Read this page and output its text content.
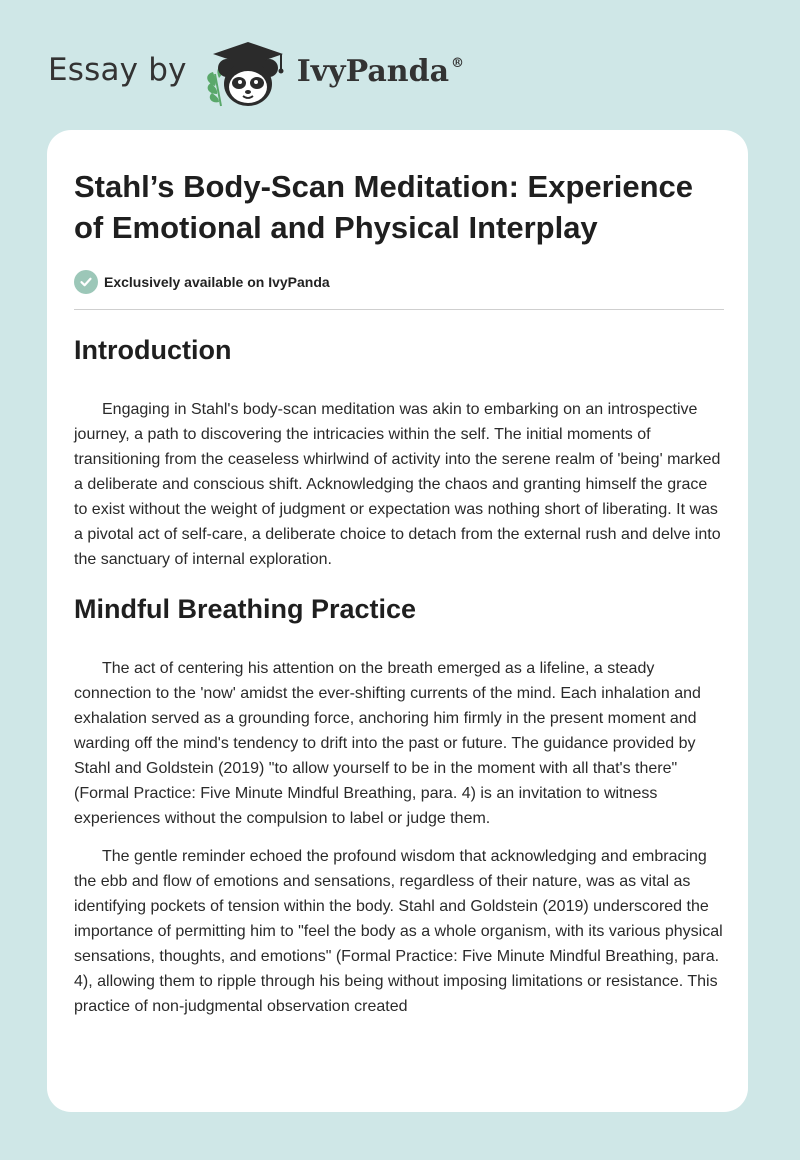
Essay by	IvyPanda ®
Stahl’s Body-Scan Meditation: Experience of Emotional and Physical Interplay
Exclusively available on IvyPanda
Introduction

Engaging in Stahl's body-scan meditation was akin to embarking on an introspective journey, a path to discovering the intricacies within the self. The initial moments of transitioning from the ceaseless whirlwind of activity into the serene realm of 'being' marked a deliberate and conscious shift. Acknowledging the chaos and granting himself the grace to exist without the weight of judgment or expectation was nothing short of liberating. It was a pivotal act of self-care, a deliberate choice to detach from the external rush and delve into the sanctuary of internal exploration.

Mindful Breathing Practice

The act of centering his attention on the breath emerged as a lifeline, a steady connection to the 'now' amidst the ever-shifting currents of the mind. Each inhalation and exhalation served as a grounding force, anchoring him firmly in the present moment and warding off the mind's tendency to drift into the past or future. The guidance provided by Stahl and Goldstein (2019) "to allow yourself to be in the moment with all that's there" (Formal Practice: Five Minute Mindful Breathing, para. 4) is an invitation to witness experiences without the compulsion to label or judge them.

The gentle reminder echoed the profound wisdom that acknowledging and embracing the ebb and flow of emotions and sensations, regardless of their nature, was as vital as identifying pockets of tension within the body. Stahl and Goldstein (2019) underscored the importance of permitting him to "feel the body as a whole organism, with its various physical sensations, thoughts, and emotions" (Formal Practice: Five Minute Mindful Breathing, para. 4), allowing them to ripple through his being without imposing limitations or resistance. This practice of non-judgmental observation created
